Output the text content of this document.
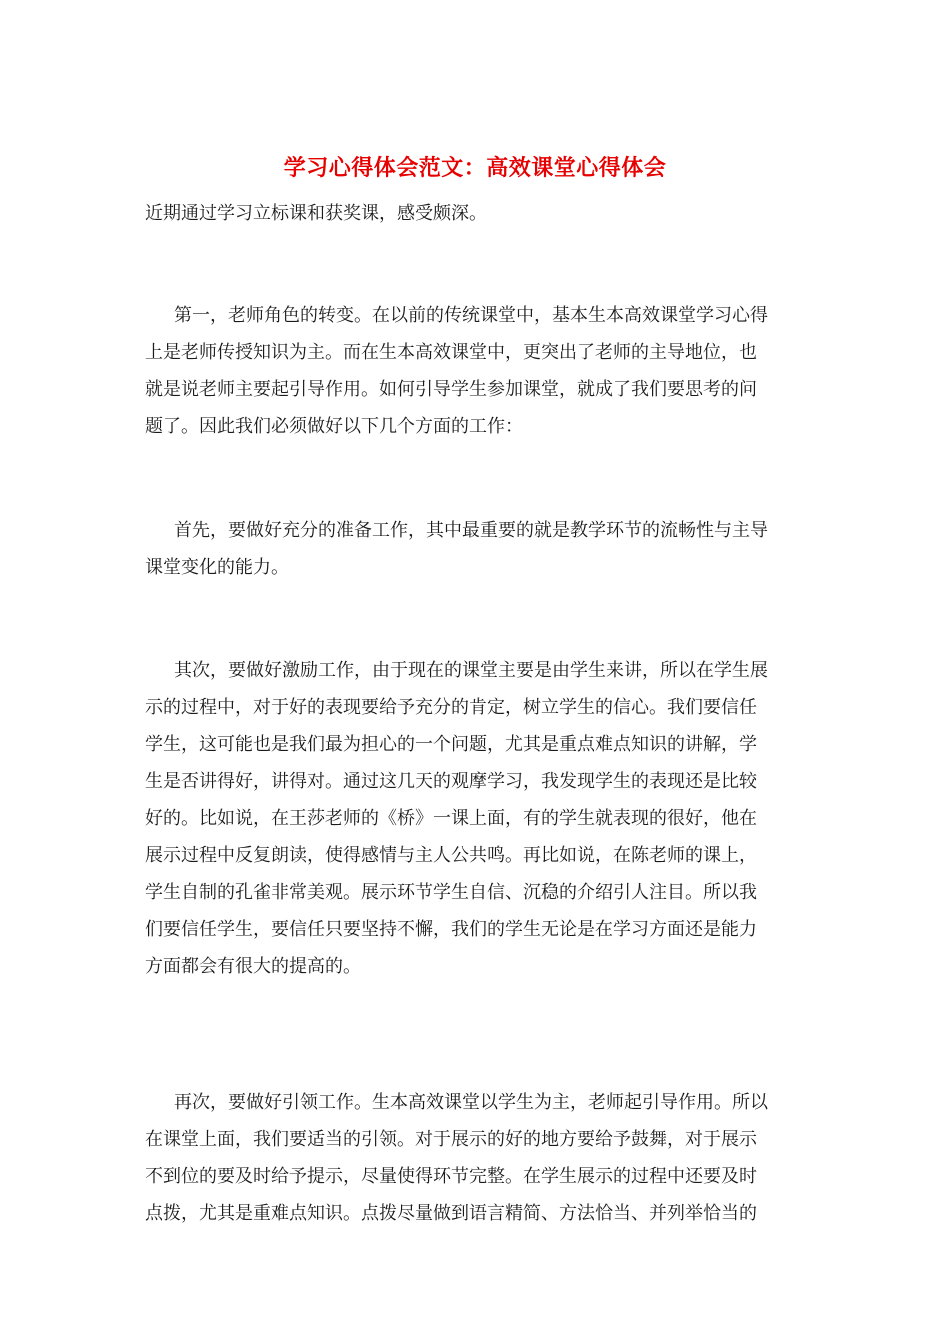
学习心得体会范文：高效课堂心得体会
近期通过学习立标课和获奖课，感受颇深。
第一，老师角色的转变。在以前的传统课堂中，基本生本高效课堂学习心得
上是老师传授知识为主。而在生本高效课堂中，更突出了老师的主导地位，也
就是说老师主要起引导作用。如何引导学生参加课堂，就成了我们要思考的问
题了。因此我们必须做好以下几个方面的工作：
首先，要做好充分的准备工作，其中最重要的就是教学环节的流畅性与主导
课堂变化的能力。
其次，要做好激励工作，由于现在的课堂主要是由学生来讲，所以在学生展
示的过程中，对于好的表现要给予充分的肯定，树立学生的信心。我们要信任
学生，这可能也是我们最为担心的一个问题，尤其是重点难点知识的讲解，学
生是否讲得好，讲得对。通过这几天的观摩学习，我发现学生的表现还是比较
好的。比如说，在王莎老师的《桥》一课上面，有的学生就表现的很好，他在
展示过程中反复朗读，使得感情与主人公共鸣。再比如说，在陈老师的课上，
学生自制的孔雀非常美观。展示环节学生自信、沉稳的介绍引人注目。所以我
们要信任学生，要信任只要坚持不懈，我们的学生无论是在学习方面还是能力
方面都会有很大的提高的。
再次，要做好引领工作。生本高效课堂以学生为主，老师起引导作用。所以
在课堂上面，我们要适当的引领。对于展示的好的地方要给予鼓舞，对于展示
不到位的要及时给予提示，尽量使得环节完整。在学生展示的过程中还要及时
点拨，尤其是重难点知识。点拨尽量做到语言精简、方法恰当、并列举恰当的
